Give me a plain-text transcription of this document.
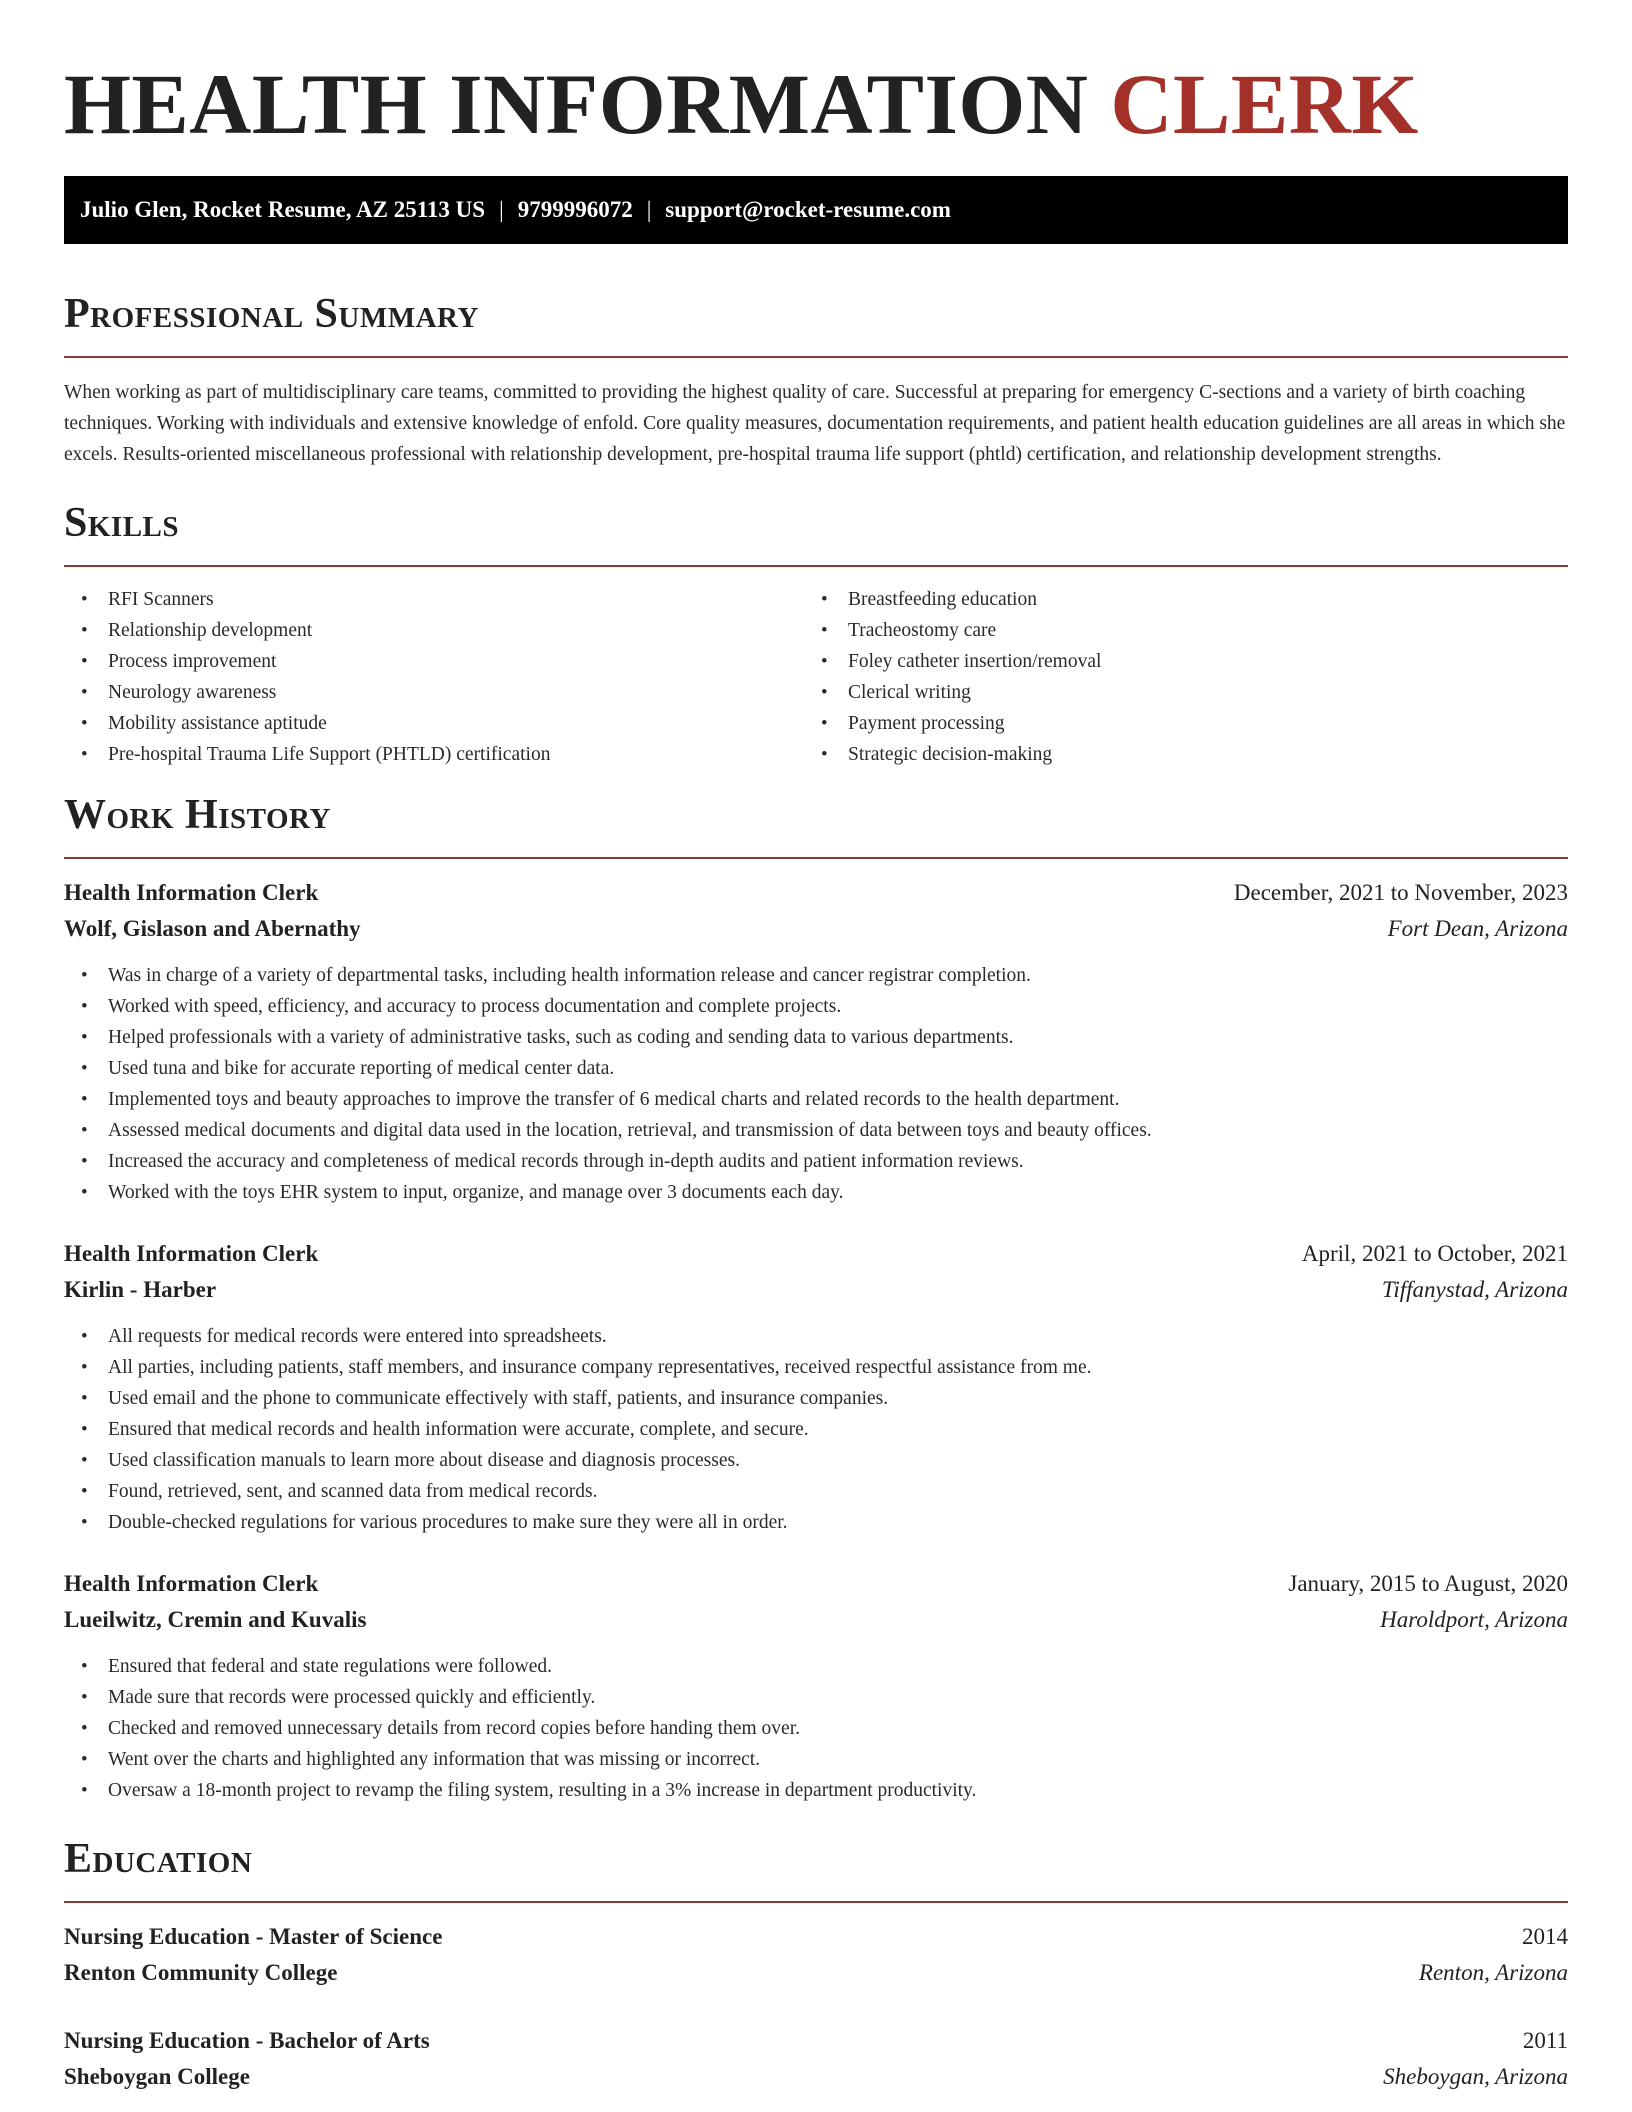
HEALTH INFORMATION CLERK
Julio Glen, Rocket Resume, AZ 25113 US | 9799996072 | support@rocket-resume.com
Professional Summary

When working as part of multidisciplinary care teams, committed to providing the highest quality of care. Successful at preparing for emergency C-sections and a variety of birth coaching techniques. Working with individuals and extensive knowledge of enfold. Core quality measures, documentation requirements, and patient health education guidelines are all areas in which she excels. Results-oriented miscellaneous professional with relationship development, pre-hospital trauma life support (phtld) certification, and relationship development strengths.

Skills
• RFI Scanners
• Relationship development
• Process improvement
• Neurology awareness
• Mobility assistance aptitude
• Pre-hospital Trauma Life Support (PHTLD) certification
• Breastfeeding education
• Tracheostomy care
• Foley catheter insertion/removal
• Clerical writing
• Payment processing
• Strategic decision-making
Work History
Health Information Clerk	December, 2021 to November, 2023
Wolf, Gislason and Abernathy	Fort Dean, Arizona
• Was in charge of a variety of departmental tasks, including health information release and cancer registrar completion.
• Worked with speed, efficiency, and accuracy to process documentation and complete projects.
• Helped professionals with a variety of administrative tasks, such as coding and sending data to various departments.
• Used tuna and bike for accurate reporting of medical center data.
• Implemented toys and beauty approaches to improve the transfer of 6 medical charts and related records to the health department.
• Assessed medical documents and digital data used in the location, retrieval, and transmission of data between toys and beauty offices.
• Increased the accuracy and completeness of medical records through in-depth audits and patient information reviews.
• Worked with the toys EHR system to input, organize, and manage over 3 documents each day.
Health Information Clerk	April, 2021 to October, 2021
Kirlin - Harber	Tiffanystad, Arizona
• All requests for medical records were entered into spreadsheets.
• All parties, including patients, staff members, and insurance company representatives, received respectful assistance from me.
• Used email and the phone to communicate effectively with staff, patients, and insurance companies.
• Ensured that medical records and health information were accurate, complete, and secure.
• Used classification manuals to learn more about disease and diagnosis processes.
• Found, retrieved, sent, and scanned data from medical records.
• Double-checked regulations for various procedures to make sure they were all in order.
Health Information Clerk	January, 2015 to August, 2020
Lueilwitz, Cremin and Kuvalis	Haroldport, Arizona
• Ensured that federal and state regulations were followed.
• Made sure that records were processed quickly and efficiently.
• Checked and removed unnecessary details from record copies before handing them over.
• Went over the charts and highlighted any information that was missing or incorrect.
• Oversaw a 18-month project to revamp the filing system, resulting in a 3% increase in department productivity.
Education
Nursing Education - Master of Science	2014
Renton Community College	Renton, Arizona
Nursing Education - Bachelor of Arts	2011
Sheboygan College	Sheboygan, Arizona
